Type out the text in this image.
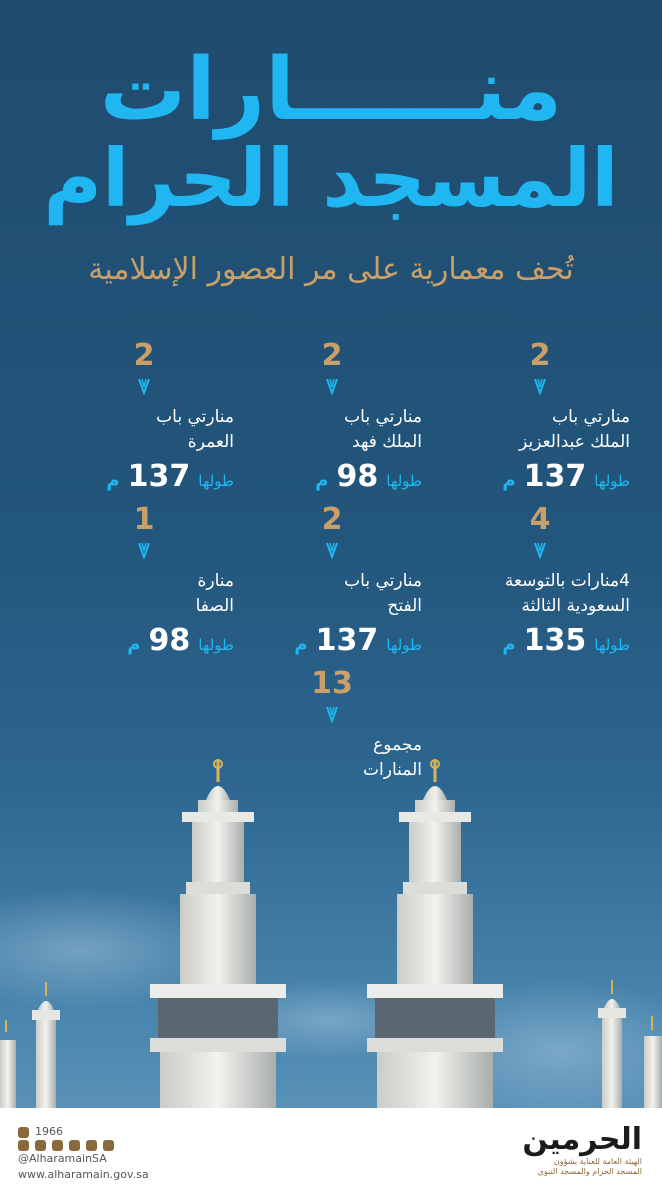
منــــــارات
المسجد الحرام
تُحف معمارية على مر العصور الإسلامية
2
منارتي باب
الملك عبدالعزيز
طولها
137
م
2
منارتي باب
الملك فهد
طولها
98
م
2
منارتي باب
العمرة
طولها
137
م
4
4منارات بالتوسعة
السعودية الثالثة
طولها
135
م
2
منارتي باب
الفتح
طولها
137
م
1
منارة
الصفا
طولها
98
م
13
مجموع
المنارات
1966
@AlharamainSA
www.alharamain.gov.sa
الحرمين
الهيئة العامة للعناية بشؤون
المسجد الحرام والمسجد النبوي
